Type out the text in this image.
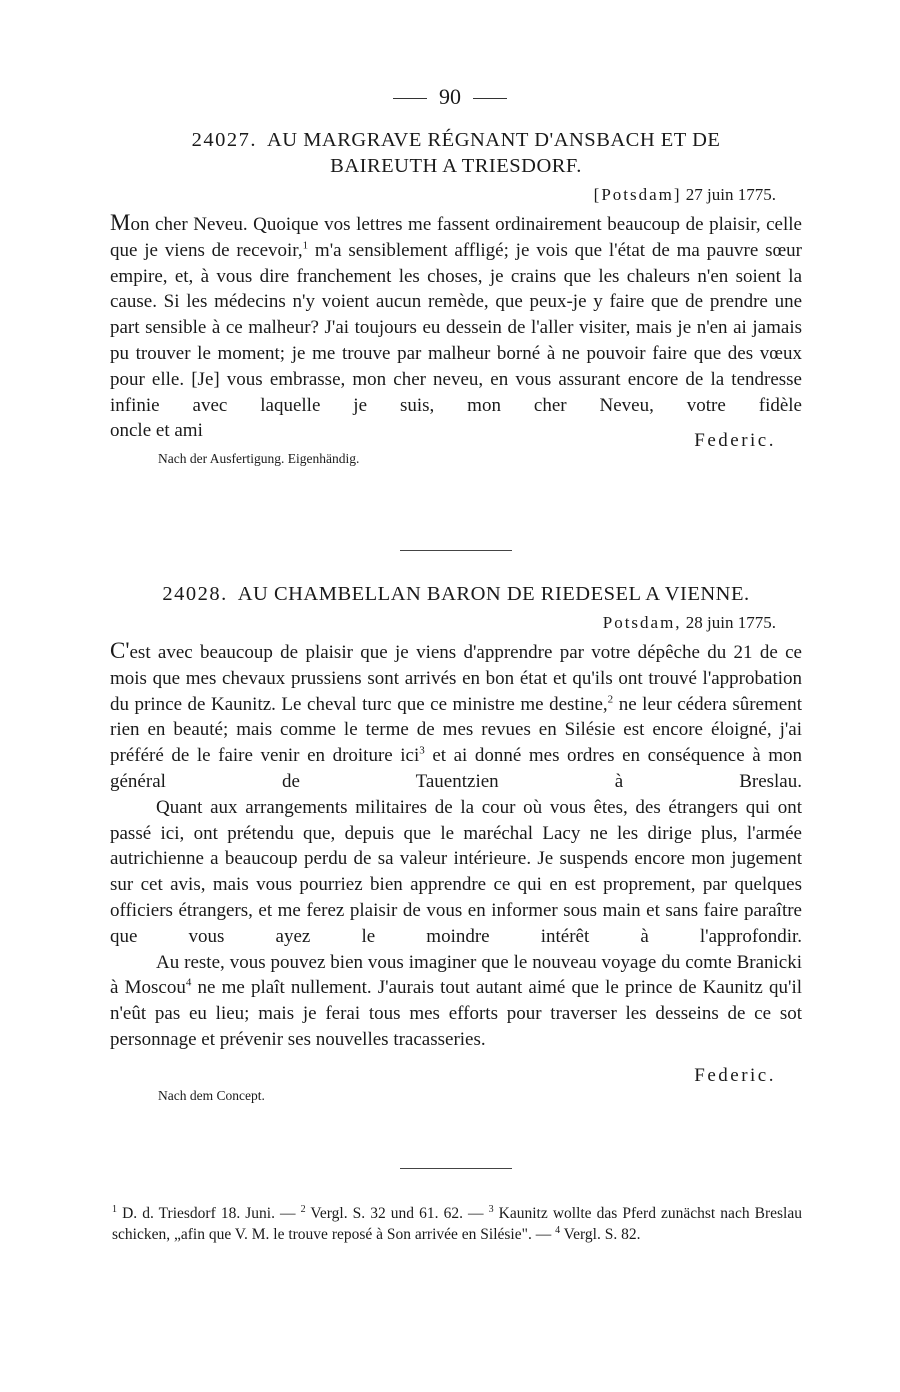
90
24027. AU MARGRAVE RÉGNANT D'ANSBACH ET DE
BAIREUTH A TRIESDORF.
[Potsdam] 27 juin 1775.

Mon cher Neveu. Quoique vos lettres me fassent ordinairement beaucoup de plaisir, celle que je viens de recevoir,$^1$ m'a sensiblement affligé; je vois que l'état de ma pauvre sœur empire, et, à vous dire franchement les choses, je crains que les chaleurs n'en soient la cause. Si les médecins n'y voient aucun remède, que peux-je y faire que de prendre une part sensible à ce malheur? J'ai toujours eu dessein de l'aller visiter, mais je n'en ai jamais pu trouver le moment; je me trouve par malheur borné à ne pouvoir faire que des vœux pour elle. [Je] vous embrasse, mon cher neveu, en vous assurant encore de la tendresse infinie avec laquelle je suis, mon cher Neveu, votre fidèle

oncle et ami	Federic.
Nach der Ausfertigung. Eigenhändig.
24028. AU CHAMBELLAN BARON DE RIEDESEL A VIENNE.
Potsdam, 28 juin 1775.

C'est avec beaucoup de plaisir que je viens d'apprendre par votre dépêche du 21 de ce mois que mes chevaux prussiens sont arrivés en bon état et qu'ils ont trouvé l'approbation du prince de Kaunitz. Le cheval turc que ce ministre me destine,$^2$ ne leur cédera sûrement rien en beauté; mais comme le terme de mes revues en Silésie est encore éloigné, j'ai préféré de le faire venir en droiture ici$^3$ et ai donné mes ordres en conséquence à mon général de Tauentzien à Breslau.

Quant aux arrangements militaires de la cour où vous êtes, des étrangers qui ont passé ici, ont prétendu que, depuis que le maréchal Lacy ne les dirige plus, l'armée autrichienne a beaucoup perdu de sa valeur intérieure. Je suspends encore mon jugement sur cet avis, mais vous pourriez bien apprendre ce qui en est proprement, par quelques officiers étrangers, et me ferez plaisir de vous en informer sous main et sans faire paraître que vous ayez le moindre intérêt à l'approfondir.

Au reste, vous pouvez bien vous imaginer que le nouveau voyage du comte Branicki à Moscou$^4$ ne me plaît nullement. J'aurais tout autant aimé que le prince de Kaunitz qu'il n'eût pas eu lieu; mais je ferai tous mes efforts pour traverser les desseins de ce sot personnage et prévenir ses nouvelles tracasseries.

Federic.
Nach dem Concept.

$^1$ D. d. Triesdorf 18. Juni. — $^2$ Vergl. S. 32 und 61. 62. — $^3$ Kaunitz wollte das Pferd zunächst nach Breslau schicken, „afin que V. M. le trouve reposé à Son arrivée en Silésie". — $^4$ Vergl. S. 82.
